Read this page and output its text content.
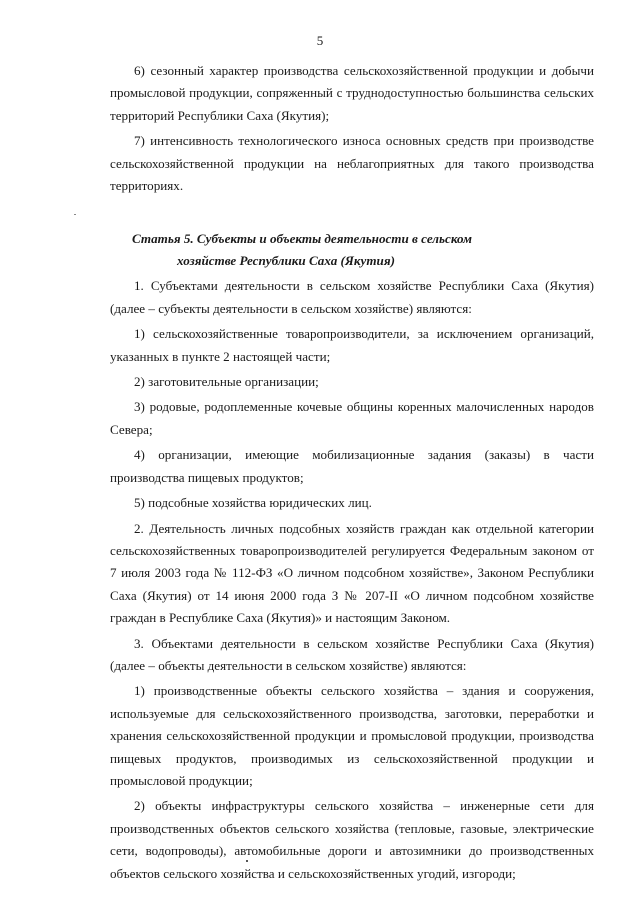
5

6) сезонный характер производства сельскохозяйственной продукции и добычи промысловой продукции, сопряженный с труднодоступностью большинства сельских территорий Республики Саха (Якутия);

7) интенсивность технологического износа основных средств при производстве сельскохозяйственной продукции на неблагоприятных для такого производства территориях.

Статья 5. Субъекты и объекты деятельности в сельском
хозяйстве Республики Саха (Якутия)

1. Субъектами деятельности в сельском хозяйстве Республики Саха (Якутия) (далее – субъекты деятельности в сельском хозяйстве) являются:

1) сельскохозяйственные товаропроизводители, за исключением организаций, указанных в пункте 2 настоящей части;

2) заготовительные организации;

3) родовые, родоплеменные кочевые общины коренных малочисленных народов Севера;

4) организации, имеющие мобилизационные задания (заказы) в части производства пищевых продуктов;

5) подсобные хозяйства юридических лиц.

2. Деятельность личных подсобных хозяйств граждан как отдельной категории сельскохозяйственных товаропроизводителей регулируется Федеральным законом от 7 июля 2003 года № 112-ФЗ «О личном подсобном хозяйстве», Законом Республики Саха (Якутия) от 14 июня 2000 года З № 207-II «О личном подсобном хозяйстве граждан в Республике Саха (Якутия)» и настоящим Законом.

3. Объектами деятельности в сельском хозяйстве Республики Саха (Якутия) (далее – объекты деятельности в сельском хозяйстве) являются:

1) производственные объекты сельского хозяйства – здания и сооружения, используемые для сельскохозяйственного производства, заготовки, переработки и хранения сельскохозяйственной продукции и промысловой продукции, производства пищевых продуктов, производимых из сельскохозяйственной продукции и промысловой продукции;

2) объекты инфраструктуры сельского хозяйства – инженерные сети для производственных объектов сельского хозяйства (тепловые, газовые, электрические сети, водопроводы), автомобильные дороги и автозимники до производственных объектов сельского хозяйства и сельскохозяйственных угодий, изгороди;
